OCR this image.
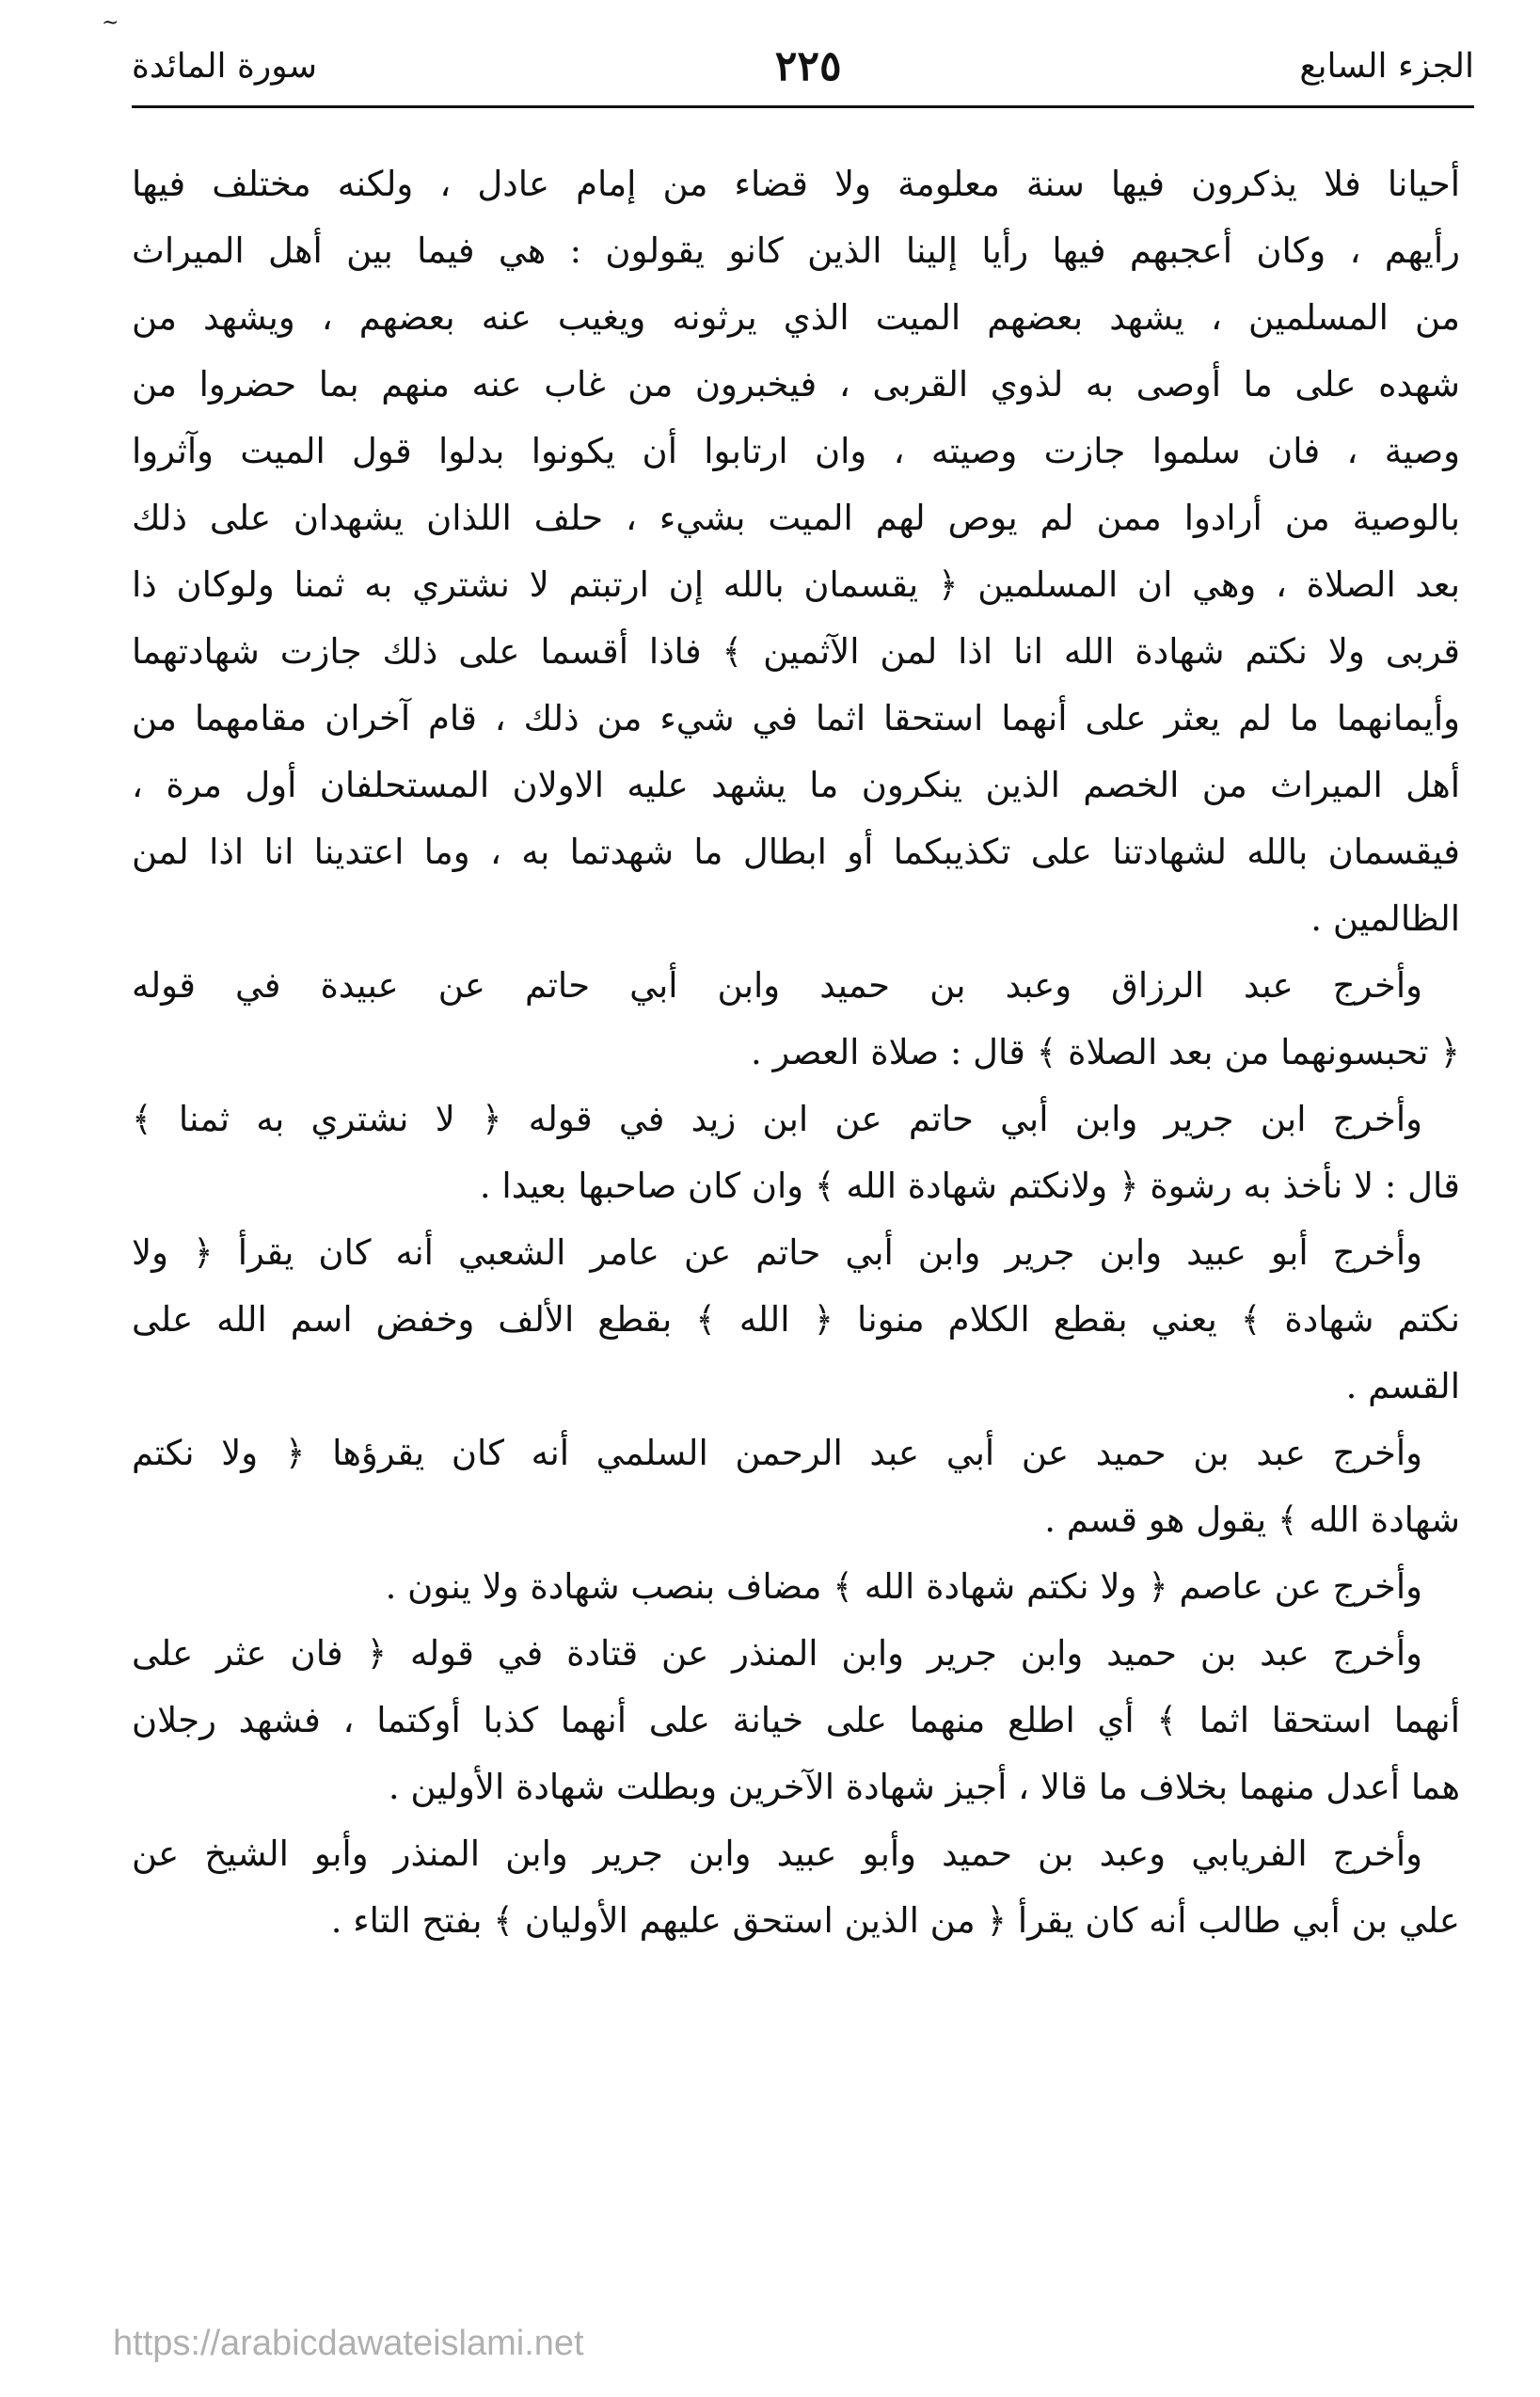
~
الجزء السابع
٢٢٥
سورة المائدة
أحيانا فلا يذكرون فيها سنة معلومة ولا قضاء من إمام عادل ، ولكنه مختلف فيها
رأيهم ، وكان أعجبهم فيها رأيا إلينا الذين كانو يقولون : هي فيما بين أهل الميراث
من المسلمين ، يشهد بعضهم الميت الذي يرثونه ويغيب عنه بعضهم ، ويشهد من
شهده على ما أوصى به لذوي القربى ، فيخبرون من غاب عنه منهم بما حضروا من
وصية ، فان سلموا جازت وصيته ، وان ارتابوا أن يكونوا بدلوا قول الميت وآثروا
بالوصية من أرادوا ممن لم يوص لهم الميت بشيء ، حلف اللذان يشهدان على ذلك
بعد الصلاة ، وهي ان المسلمين ﴿ يقسمان بالله إن ارتبتم لا نشتري به ثمنا ولوكان ذا
قربى ولا نكتم شهادة الله انا اذا لمن الآثمين ﴾ فاذا أقسما على ذلك جازت شهادتهما
وأيمانهما ما لم يعثر على أنهما استحقا اثما في شيء من ذلك ، قام آخران مقامهما من
أهل الميراث من الخصم الذين ينكرون ما يشهد عليه الاولان المستحلفان أول مرة ،
فيقسمان بالله لشهادتنا على تكذيبكما أو ابطال ما شهدتما به ، وما اعتدينا انا اذا لمن
الظالمين .
وأخرج عبد الرزاق وعبد بن حميد وابن أبي حاتم عن عبيدة في قوله
﴿ تحبسونهما من بعد الصلاة ﴾ قال : صلاة العصر .
وأخرج ابن جرير وابن أبي حاتم عن ابن زيد في قوله ﴿ لا نشتري به ثمنا ﴾
قال : لا نأخذ به رشوة ﴿ ولانكتم شهادة الله ﴾ وان كان صاحبها بعيدا .
وأخرج أبو عبيد وابن جرير وابن أبي حاتم عن عامر الشعبي أنه كان يقرأ ﴿ ولا
نكتم شهادة ﴾ يعني بقطع الكلام منونا ﴿ الله ﴾ بقطع الألف وخفض اسم الله على
القسم .
وأخرج عبد بن حميد عن أبي عبد الرحمن السلمي أنه كان يقرؤها ﴿ ولا نكتم
شهادة الله ﴾ يقول هو قسم .
وأخرج عن عاصم ﴿ ولا نكتم شهادة الله ﴾ مضاف بنصب شهادة ولا ينون .
وأخرج عبد بن حميد وابن جرير وابن المنذر عن قتادة في قوله ﴿ فان عثر على
أنهما استحقا اثما ﴾ أي اطلع منهما على خيانة على أنهما كذبا أوكتما ، فشهد رجلان
هما أعدل منهما بخلاف ما قالا ، أجيز شهادة الآخرين وبطلت شهادة الأولين .
وأخرج الفريابي وعبد بن حميد وأبو عبيد وابن جرير وابن المنذر وأبو الشيخ عن
علي بن أبي طالب أنه كان يقرأ ﴿ من الذين استحق عليهم الأوليان ﴾ بفتح التاء .
https://arabicdawateislami.net
